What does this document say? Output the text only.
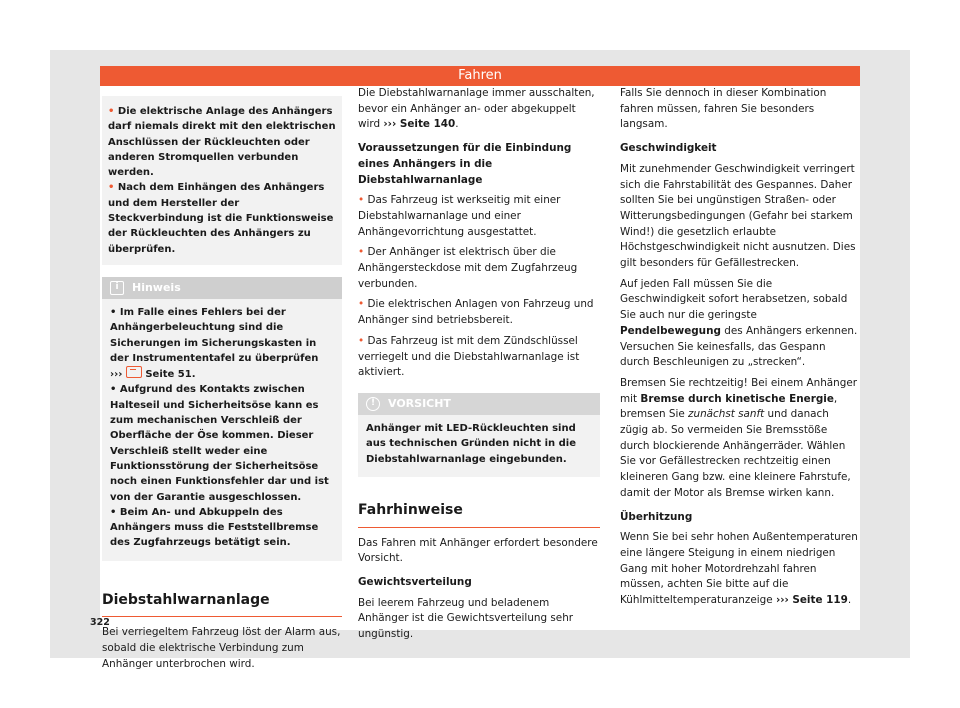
Fahren

• Die elektrische Anlage des Anhängers darf niemals direkt mit den elektrischen Anschlüssen der Rückleuchten oder anderen Stromquellen verbunden werden.

• Nach dem Einhängen des Anhängers und dem Hersteller der Steckverbindung ist die Funktionsweise der Rückleuchten des Anhängers zu überprüfen.

i Hinweis

• Im Falle eines Fehlers bei der Anhängerbeleuchtung sind die Sicherungen im Sicherungskasten in der Instrumententafel zu überprüfen ››› Seite 51.

• Aufgrund des Kontakts zwischen Halteseil und Sicherheitsöse kann es zum mechanischen Verschleiß der Oberfläche der Öse kommen. Dieser Verschleiß stellt weder eine Funktionsstörung der Sicherheitsöse noch einen Funktionsfehler dar und ist von der Garantie ausgeschlossen.

• Beim An- und Abkuppeln des Anhängers muss die Feststellbremse des Zugfahrzeugs betätigt sein.

Diebstahlwarnanlage

Bei verriegeltem Fahrzeug löst der Alarm aus, sobald die elektrische Verbindung zum Anhänger unterbrochen wird.

Die Diebstahlwarnanlage immer ausschalten, bevor ein Anhänger an- oder abgekuppelt wird ››› Seite 140.

Voraussetzungen für die Einbindung eines Anhängers in die Diebstahlwarnanlage

• Das Fahrzeug ist werkseitig mit einer Diebstahlwarnanlage und einer Anhängevorrichtung ausgestattet.

• Der Anhänger ist elektrisch über die Anhängersteckdose mit dem Zugfahrzeug verbunden.

• Die elektrischen Anlagen von Fahrzeug und Anhänger sind betriebsbereit.

• Das Fahrzeug ist mit dem Zündschlüssel verriegelt und die Diebstahlwarnanlage ist aktiviert.

! VORSICHT
Anhänger mit LED-Rückleuchten sind aus technischen Gründen nicht in die Diebstahlwarnanlage eingebunden.
Fahrhinweise

Das Fahren mit Anhänger erfordert besondere Vorsicht.

Gewichtsverteilung

Bei leerem Fahrzeug und beladenem Anhänger ist die Gewichtsverteilung sehr ungünstig.

Falls Sie dennoch in dieser Kombination fahren müssen, fahren Sie besonders langsam.

Geschwindigkeit

Mit zunehmender Geschwindigkeit verringert sich die Fahrstabilität des Gespannes. Daher sollten Sie bei ungünstigen Straßen- oder Witterungsbedingungen (Gefahr bei starkem Wind!) die gesetzlich erlaubte Höchstgeschwindigkeit nicht ausnutzen. Dies gilt besonders für Gefällestrecken.

Auf jeden Fall müssen Sie die Geschwindigkeit sofort herabsetzen, sobald Sie auch nur die geringste Pendelbewegung des Anhängers erkennen. Versuchen Sie keinesfalls, das Gespann durch Beschleunigen zu „strecken“.

Bremsen Sie rechtzeitig! Bei einem Anhänger mit Bremse durch kinetische Energie, bremsen Sie zunächst sanft und danach zügig ab. So vermeiden Sie Bremsstöße durch blockierende Anhängerräder. Wählen Sie vor Gefällestrecken rechtzeitig einen kleineren Gang bzw. eine kleinere Fahrstufe, damit der Motor als Bremse wirken kann.

Überhitzung

Wenn Sie bei sehr hohen Außentemperaturen eine längere Steigung in einem niedrigen Gang mit hoher Motordrehzahl fahren müssen, achten Sie bitte auf die Kühlmitteltemperaturanzeige ››› Seite 119.

322
